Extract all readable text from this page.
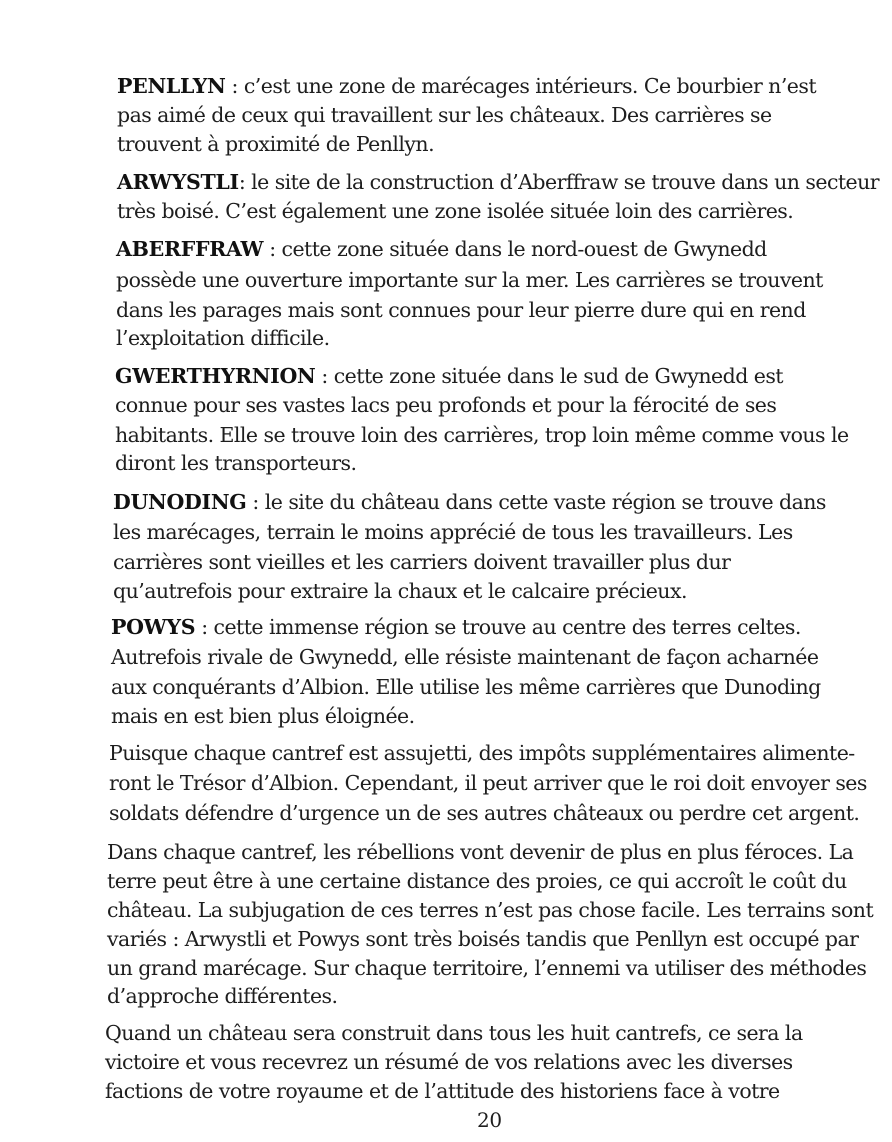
PENLLYN : c’est une zone de marécages intérieurs. Ce bourbier n’est
pas aimé de ceux qui travaillent sur les châteaux. Des carrières se
trouvent à proximité de Penllyn.
ARWYSTLI: le site de la construction d’Aberffraw se trouve dans un secteur
très boisé. C’est également une zone isolée située loin des carrières.
ABERFFRAW : cette zone située dans le nord-ouest de Gwynedd
possède une ouverture importante sur la mer. Les carrières se trouvent
dans les parages mais sont connues pour leur pierre dure qui en rend
l’exploitation difficile.
GWERTHYRNION : cette zone située dans le sud de Gwynedd est
connue pour ses vastes lacs peu profonds et pour la férocité de ses
habitants. Elle se trouve loin des carrières, trop loin même comme vous le
diront les transporteurs.
DUNODING : le site du château dans cette vaste région se trouve dans
les marécages, terrain le moins apprécié de tous les travailleurs. Les
carrières sont vieilles et les carriers doivent travailler plus dur
qu’autrefois pour extraire la chaux et le calcaire précieux.
POWYS : cette immense région se trouve au centre des terres celtes.
Autrefois rivale de Gwynedd, elle résiste maintenant de façon acharnée
aux conquérants d’Albion. Elle utilise les même carrières que Dunoding
mais en est bien plus éloignée.
Puisque chaque cantref est assujetti, des impôts supplémentaires alimente-
ront le Trésor d’Albion. Cependant, il peut arriver que le roi doit envoyer ses
soldats défendre d’urgence un de ses autres châteaux ou perdre cet argent.
Dans chaque cantref, les rébellions vont devenir de plus en plus féroces. La
terre peut être à une certaine distance des proies, ce qui accroît le coût du
château. La subjugation de ces terres n’est pas chose facile. Les terrains sont
variés : Arwystli et Powys sont très boisés tandis que Penllyn est occupé par
un grand marécage. Sur chaque territoire, l’ennemi va utiliser des méthodes
d’approche différentes.
Quand un château sera construit dans tous les huit cantrefs, ce sera la
victoire et vous recevrez un résumé de vos relations avec les diverses
factions de votre royaume et de l’attitude des historiens face à votre
20
